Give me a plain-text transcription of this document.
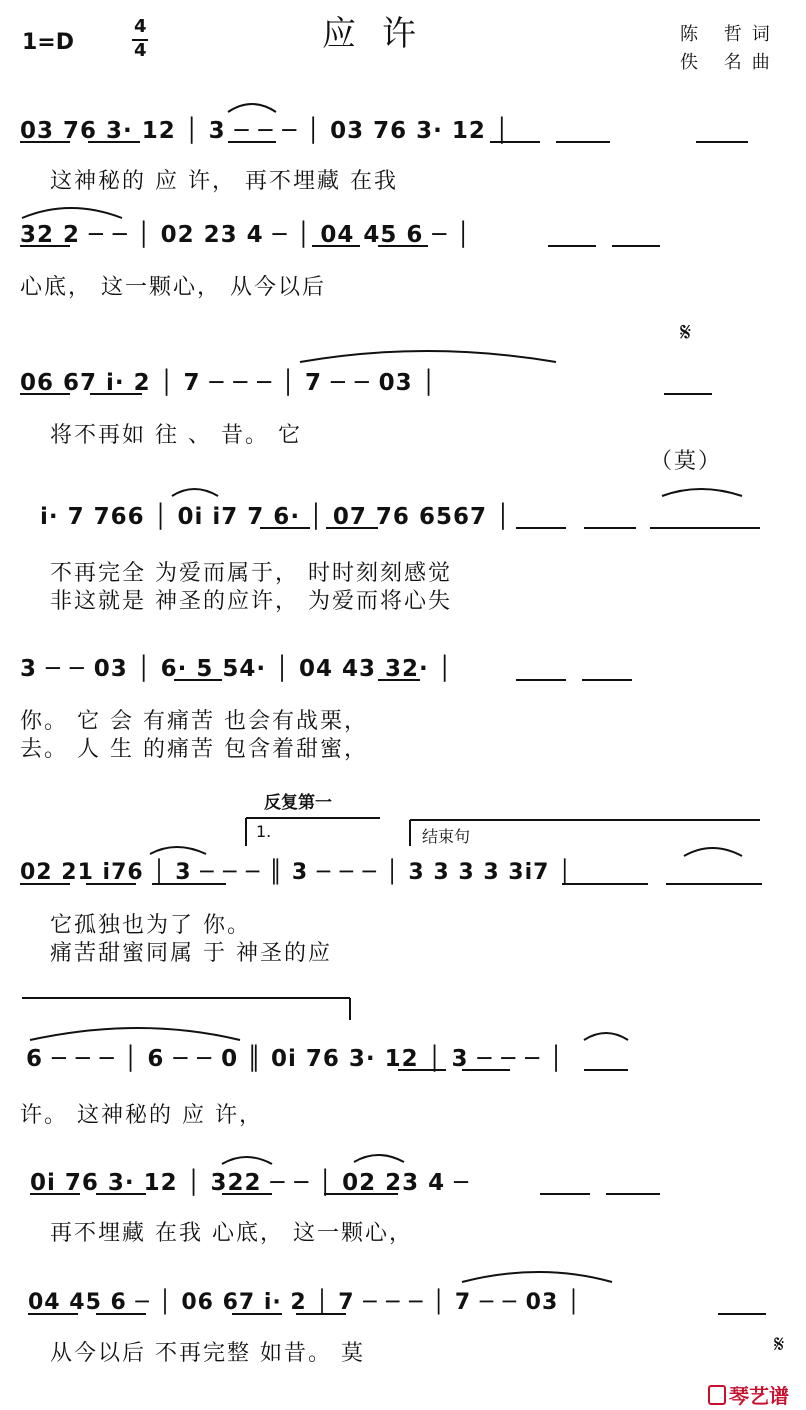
1=D
4
4	应许	陈 哲词
佚 名曲
03 76 3· 12 │ 3 ─ ─ ─ │ 03 76 3· 12 │
这神秘的 应 许， 再不埋藏 在我
32 2 ─ ─ │ 02 23 4 ─ │ 04 45 6 ─ │
心底， 这一颗心， 从今以后
06 67 i· 2 │ 7 ─ ─ ─ │ 7 ─ ─ 03 │
将不再如 往 、 昔。 它
（莫）
𝄋
i· 7 766 │ 0i i7 7 6· │ 07 76 6567 │
不再完全 为爱而属于， 时时刻刻感觉
非这就是 神圣的应许， 为爱而将心失
3 ─ ─ 03 │ 6· 5 54· │ 04 43 32· │
你。 它 会 有痛苦 也会有战栗，
去。 人 生 的痛苦 包含着甜蜜，
反复第一
1.	结束句
02 21 i76 │ 3 ─ ─ ─ ║ 3 ─ ─ ─ │ 3 3 3 3 3i7 │
它孤独也为了 你。
痛苦甜蜜同属 于 神圣的应
6 ─ ─ ─ │ 6 ─ ─ 0 ║ 0i 76 3· 12 │ 3 ─ ─ ─ │
许。 这神秘的 应 许，
0i 76 3· 12 │ 322 ─ ─ │ 02 23 4 ─
再不埋藏 在我 心底， 这一颗心，
04 45 6 ─ │ 06 67 i· 2 │ 7 ─ ─ ─ │ 7 ─ ─ 03 │
从今以后 不再完整 如昔。 莫	𝄋
琴艺谱
